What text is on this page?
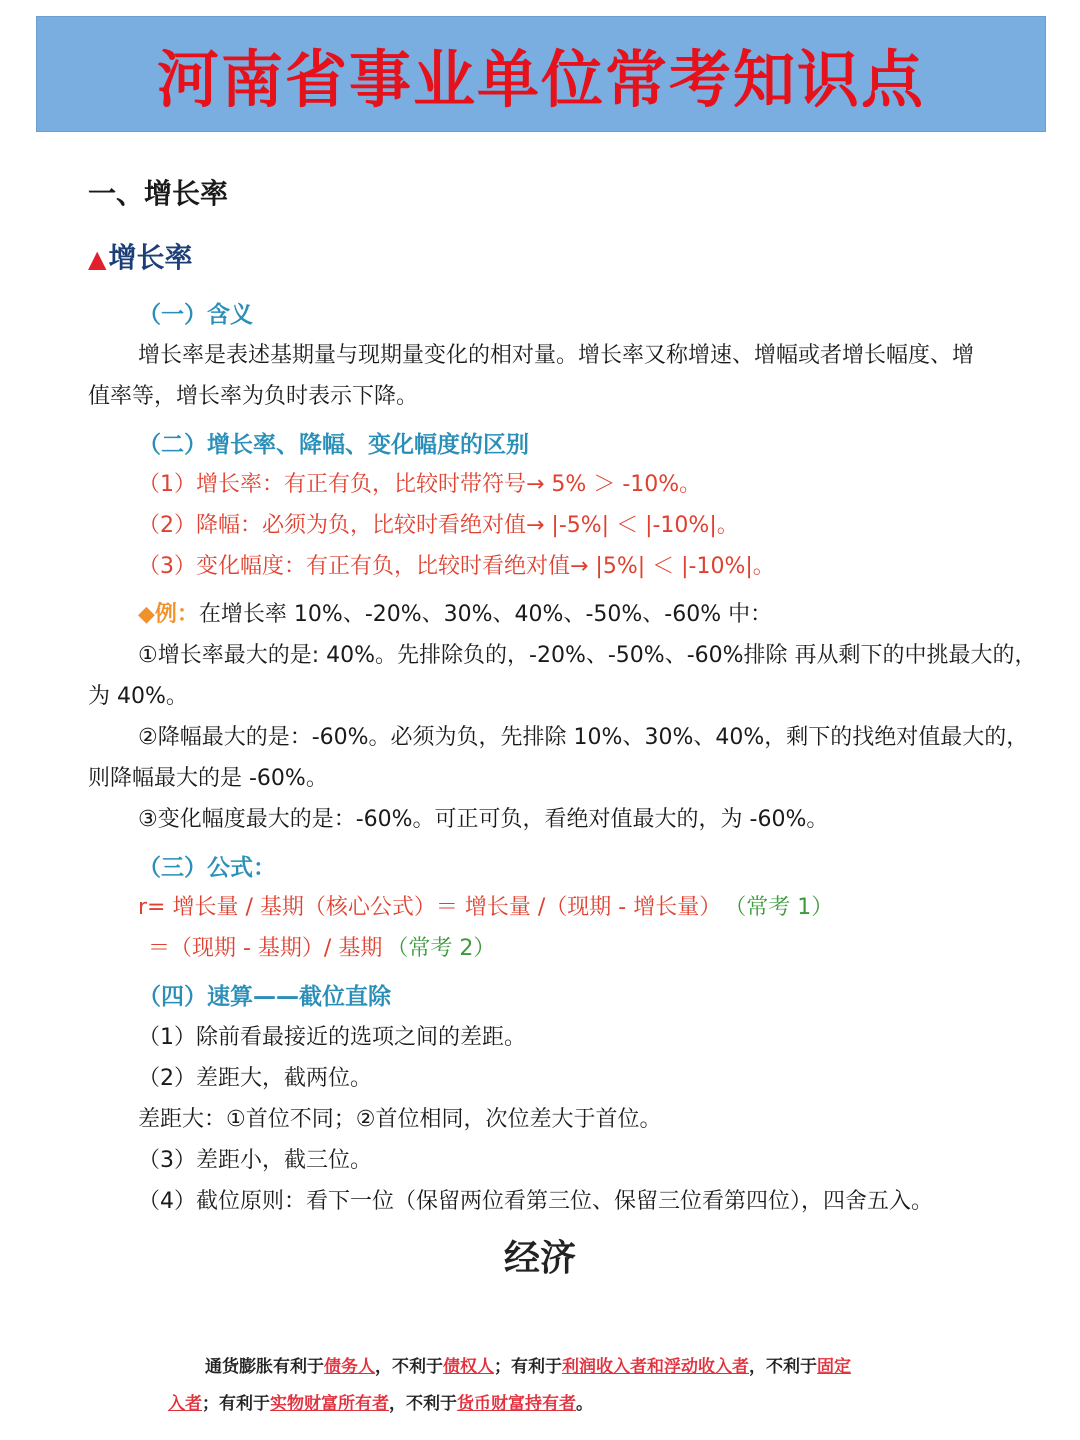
河南省事业单位常考知识点
一、增长率
▲增长率
（一）含义
增长率是表述基期量与现期量变化的相对量。增长率又称增速、增幅或者增长幅度、增
值率等，增长率为负时表示下降。
（二）增长率、降幅、变化幅度的区别
（1）增长率：有正有负，比较时带符号→ 5% ＞ -10%。
（2）降幅：必须为负，比较时看绝对值→ |-5%| ＜ |-10%|。
（3）变化幅度：有正有负，比较时看绝对值→ |5%| ＜ |-10%|。
◆例：在增长率 10%、-20%、30%、40%、-50%、-60% 中：
①增长率最大的是: 40%。先排除负的，-20%、-50%、-60%排除 再从剩下的中挑最大的，
为 40%。
②降幅最大的是：-60%。必须为负，先排除 10%、30%、40%，剩下的找绝对值最大的，
则降幅最大的是 -60%。
③变化幅度最大的是：-60%。可正可负，看绝对值最大的，为 -60%。
（三）公式：
r= 增长量 / 基期（核心公式）＝ 增长量 /（现期 - 增长量） （常考 1）
＝（现期 - 基期）/ 基期 （常考 2）
（四）速算——截位直除
（1）除前看最接近的选项之间的差距。
（2）差距大，截两位。
差距大：①首位不同；②首位相同，次位差大于首位。
（3）差距小，截三位。
（4）截位原则：看下一位（保留两位看第三位、保留三位看第四位），四舍五入。
经济
通货膨胀有利于债务人，不利于债权人；有利于利润收入者和浮动收入者，不利于固定
入者；有利于实物财富所有者，不利于货币财富持有者。
